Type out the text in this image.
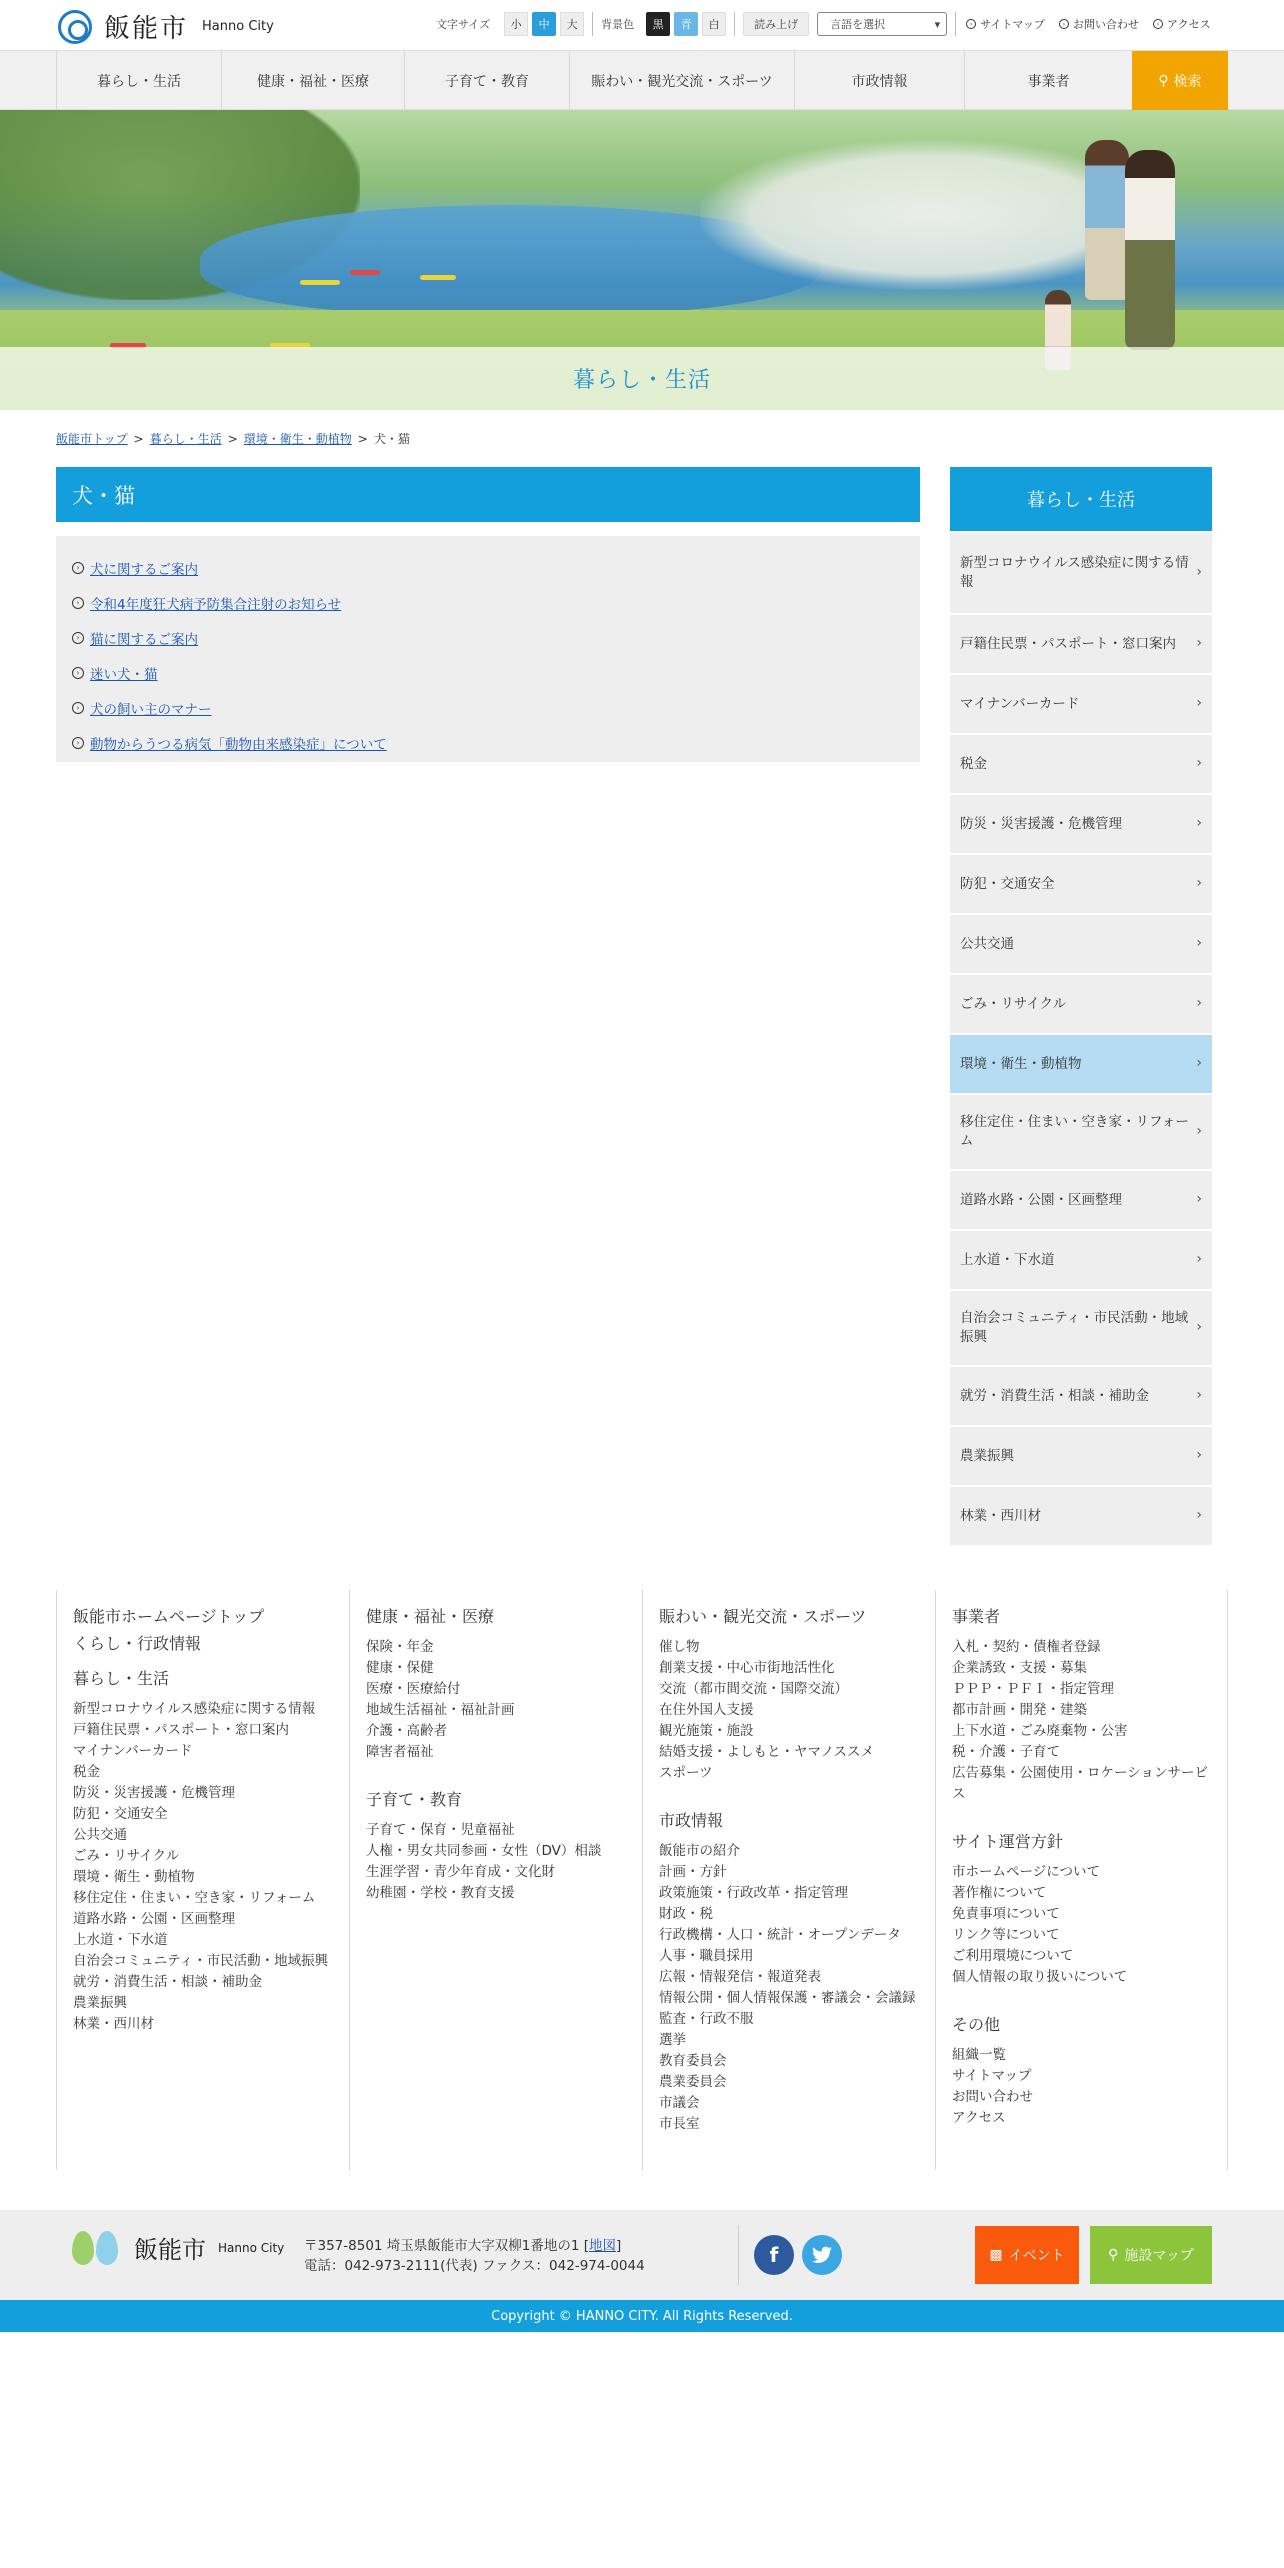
飯能市 Hanno City	文字サイズ	小	中	大	背景色	黒	青	白	読み上げ	言語を選択	▾	› サイトマップ	› お問い合わせ	› アクセス
暮らし・生活	健康・福祉・医療	子育て・教育	賑わい・観光交流・スポーツ	市政情報	事業者	⚲ 検索
暮らし・生活
飯能市トップ > 暮らし・生活 > 環境・衛生・動植物 > 犬・猫
犬・猫
› 犬に関するご案内
› 令和4年度狂犬病予防集合注射のお知らせ
› 猫に関するご案内
› 迷い犬・猫
› 犬の飼い主のマナー
› 動物からうつる病気「動物由来感染症」について
暮らし・生活
新型コロナウイルス感染症に関する情報
›
戸籍住民票・パスポート・窓口案内 ›
マイナンバーカード	›
税金	›
防災・災害援護・危機管理	›
防犯・交通安全	›
公共交通	›
ごみ・リサイクル	›
環境・衛生・動植物	›
移住定住・住まい・空き家・リフォーム
›
道路水路・公園・区画整理	›
上水道・下水道	›
自治会コミュニティ・市民活動・地域振興
›
就労・消費生活・相談・補助金	›
農業振興	›
林業・西川材	›
飯能市ホームページトップ
くらし・行政情報
暮らし・生活
新型コロナウイルス感染症に関する情報
戸籍住民票・パスポート・窓口案内
マイナンバーカード
税金
防災・災害援護・危機管理
防犯・交通安全
公共交通
ごみ・リサイクル
環境・衛生・動植物
移住定住・住まい・空き家・リフォーム
道路水路・公園・区画整理
上水道・下水道
自治会コミュニティ・市民活動・地域振興
就労・消費生活・相談・補助金
農業振興
林業・西川材
健康・福祉・医療
保険・年金
健康・保健
医療・医療給付
地域生活福祉・福祉計画
介護・高齢者
障害者福祉
子育て・教育
子育て・保育・児童福祉
人権・男女共同参画・女性（DV）相談
生涯学習・青少年育成・文化財
幼稚園・学校・教育支援
賑わい・観光交流・スポーツ
催し物
創業支援・中心市街地活性化
交流（都市間交流・国際交流）
在住外国人支援
観光施策・施設
結婚支援・よしもと・ヤマノススメ
スポーツ
市政情報
飯能市の紹介
計画・方針
政策施策・行政改革・指定管理
財政・税
行政機構・人口・統計・オープンデータ
人事・職員採用
広報・情報発信・報道発表
情報公開・個人情報保護・審議会・会議録
監査・行政不服
選挙
教育委員会
農業委員会
市議会
市長室
事業者
入札・契約・債権者登録
企業誘致・支援・募集
ＰＰＰ・ＰＦＩ・指定管理
都市計画・開発・建築
上下水道・ごみ廃棄物・公害
税・介護・子育て
広告募集・公園使用・ロケーションサービス
サイト運営方針
市ホームページについて
著作権について
免責事項について
リンク等について
ご利用環境について
個人情報の取り扱いについて
その他
組織一覧
サイトマップ
お問い合わせ
アクセス
飯能市 Hanno City 〒357-8501 埼玉県飯能市大字双柳1番地の1 [地図]
電話：042-973-2111(代表) ファクス：042-974-0044	f	▩ イベント	⚲ 施設マップ
Copyright © HANNO CITY. All Rights Reserved.
